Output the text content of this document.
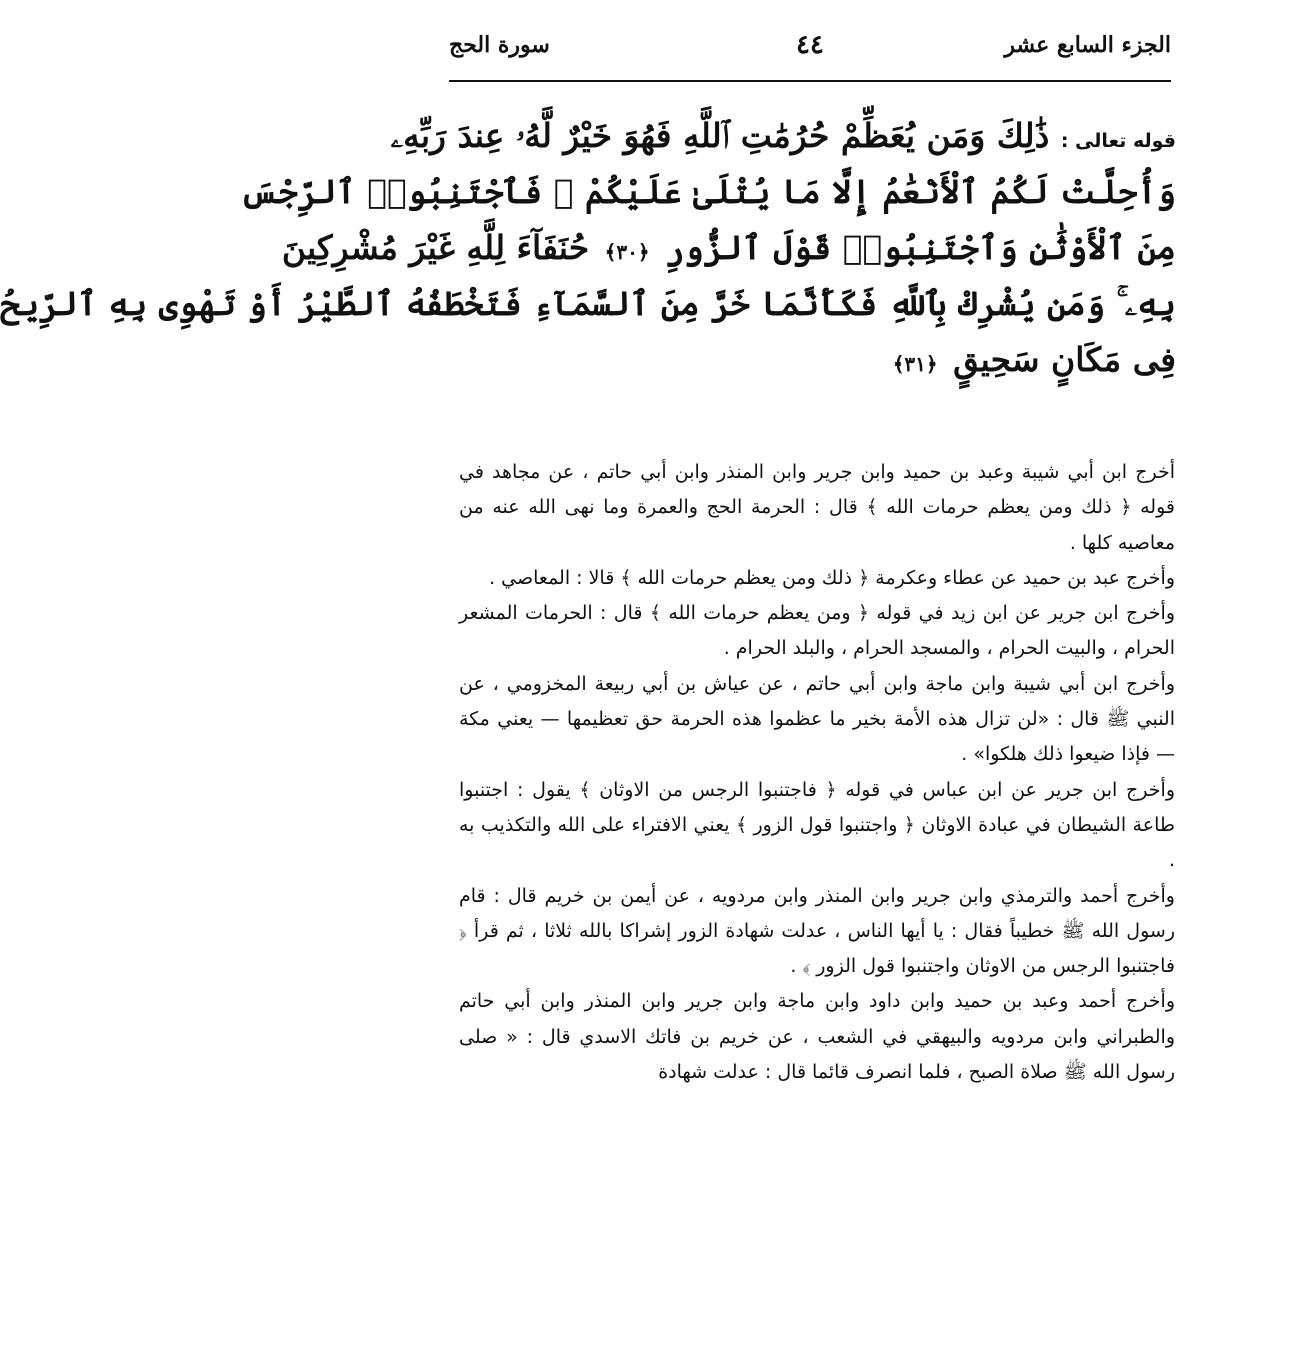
الجزء السابع عشر
٤٤
سورة الحج
قوله تعالى : ذَٰلِكَ وَمَن يُعَظِّمْ حُرُمَٰتِ ٱللَّهِ فَهُوَ خَيْرٌ لَّهُۥ عِندَ رَبِّهِۦ
وَأُحِلَّتْ لَكُمُ ٱلْأَنْعَٰمُ إِلَّا مَا يُتْلَىٰ عَلَيْكُمْ ۖ فَٱجْتَنِبُوا۟ ٱلرِّجْسَ
مِنَ ٱلْأَوْثَٰنِ وَٱجْتَنِبُوا۟ قَوْلَ ٱلزُّورِ ﴿٣٠﴾ حُنَفَآءَ لِلَّهِ غَيْرَ مُشْرِكِينَ
بِهِۦ ۚ وَمَن يُشْرِكْ بِٱللَّهِ فَكَأَنَّمَا خَرَّ مِنَ ٱلسَّمَآءِ فَتَخْطَفُهُ ٱلطَّيْرُ أَوْ تَهْوِى بِهِ ٱلرِّيحُ
فِى مَكَانٍ سَحِيقٍ ﴿٣١﴾

أخرج ابن أبي شيبة وعبد بن حميد وابن جرير وابن المنذر وابن أبي حاتم ، عن مجاهد في قوله ﴿ ذلك ومن يعظم حرمات الله ﴾ قال : الحرمة الحج والعمرة وما نهى الله عنه من معاصيه كلها .

وأخرج عبد بن حميد عن عطاء وعكرمة ﴿ ذلك ومن يعظم حرمات الله ﴾ قالا : المعاصي .

وأخرج ابن جرير عن ابن زيد في قوله ﴿ ومن يعظم حرمات الله ﴾ قال : الحرمات المشعر الحرام ، والبيت الحرام ، والمسجد الحرام ، والبلد الحرام .

وأخرج ابن أبي شيبة وابن ماجة وابن أبي حاتم ، عن عياش بن أبي ربيعة المخزومي ، عن النبي ﷺ قال : «لن تزال هذه الأمة بخير ما عظموا هذه الحرمة حق تعظيمها — يعني مكة — فإذا ضيعوا ذلك هلكوا» .

وأخرج ابن جرير عن ابن عباس في قوله ﴿ فاجتنبوا الرجس من الاوثان ﴾ يقول : اجتنبوا طاعة الشيطان في عبادة الاوثان ﴿ واجتنبوا قول الزور ﴾ يعني الافتراء على الله والتكذيب به .

وأخرج أحمد والترمذي وابن جرير وابن المنذر وابن مردويه ، عن أيمن بن خريم قال : قام رسول الله ﷺ خطيباً فقال : يا أيها الناس ، عدلت شهادة الزور إشراكا بالله ثلاثا ، ثم قرأ ﴿ فاجتنبوا الرجس من الاوثان واجتنبوا قول الزور ﴾ .

وأخرج أحمد وعبد بن حميد وابن داود وابن ماجة وابن جرير وابن المنذر وابن أبي حاتم والطبراني وابن مردويه والبيهقي في الشعب ، عن خريم بن فاتك الاسدي قال : « صلى رسول الله ﷺ صلاة الصبح ، فلما انصرف قائما قال : عدلت شهادة
